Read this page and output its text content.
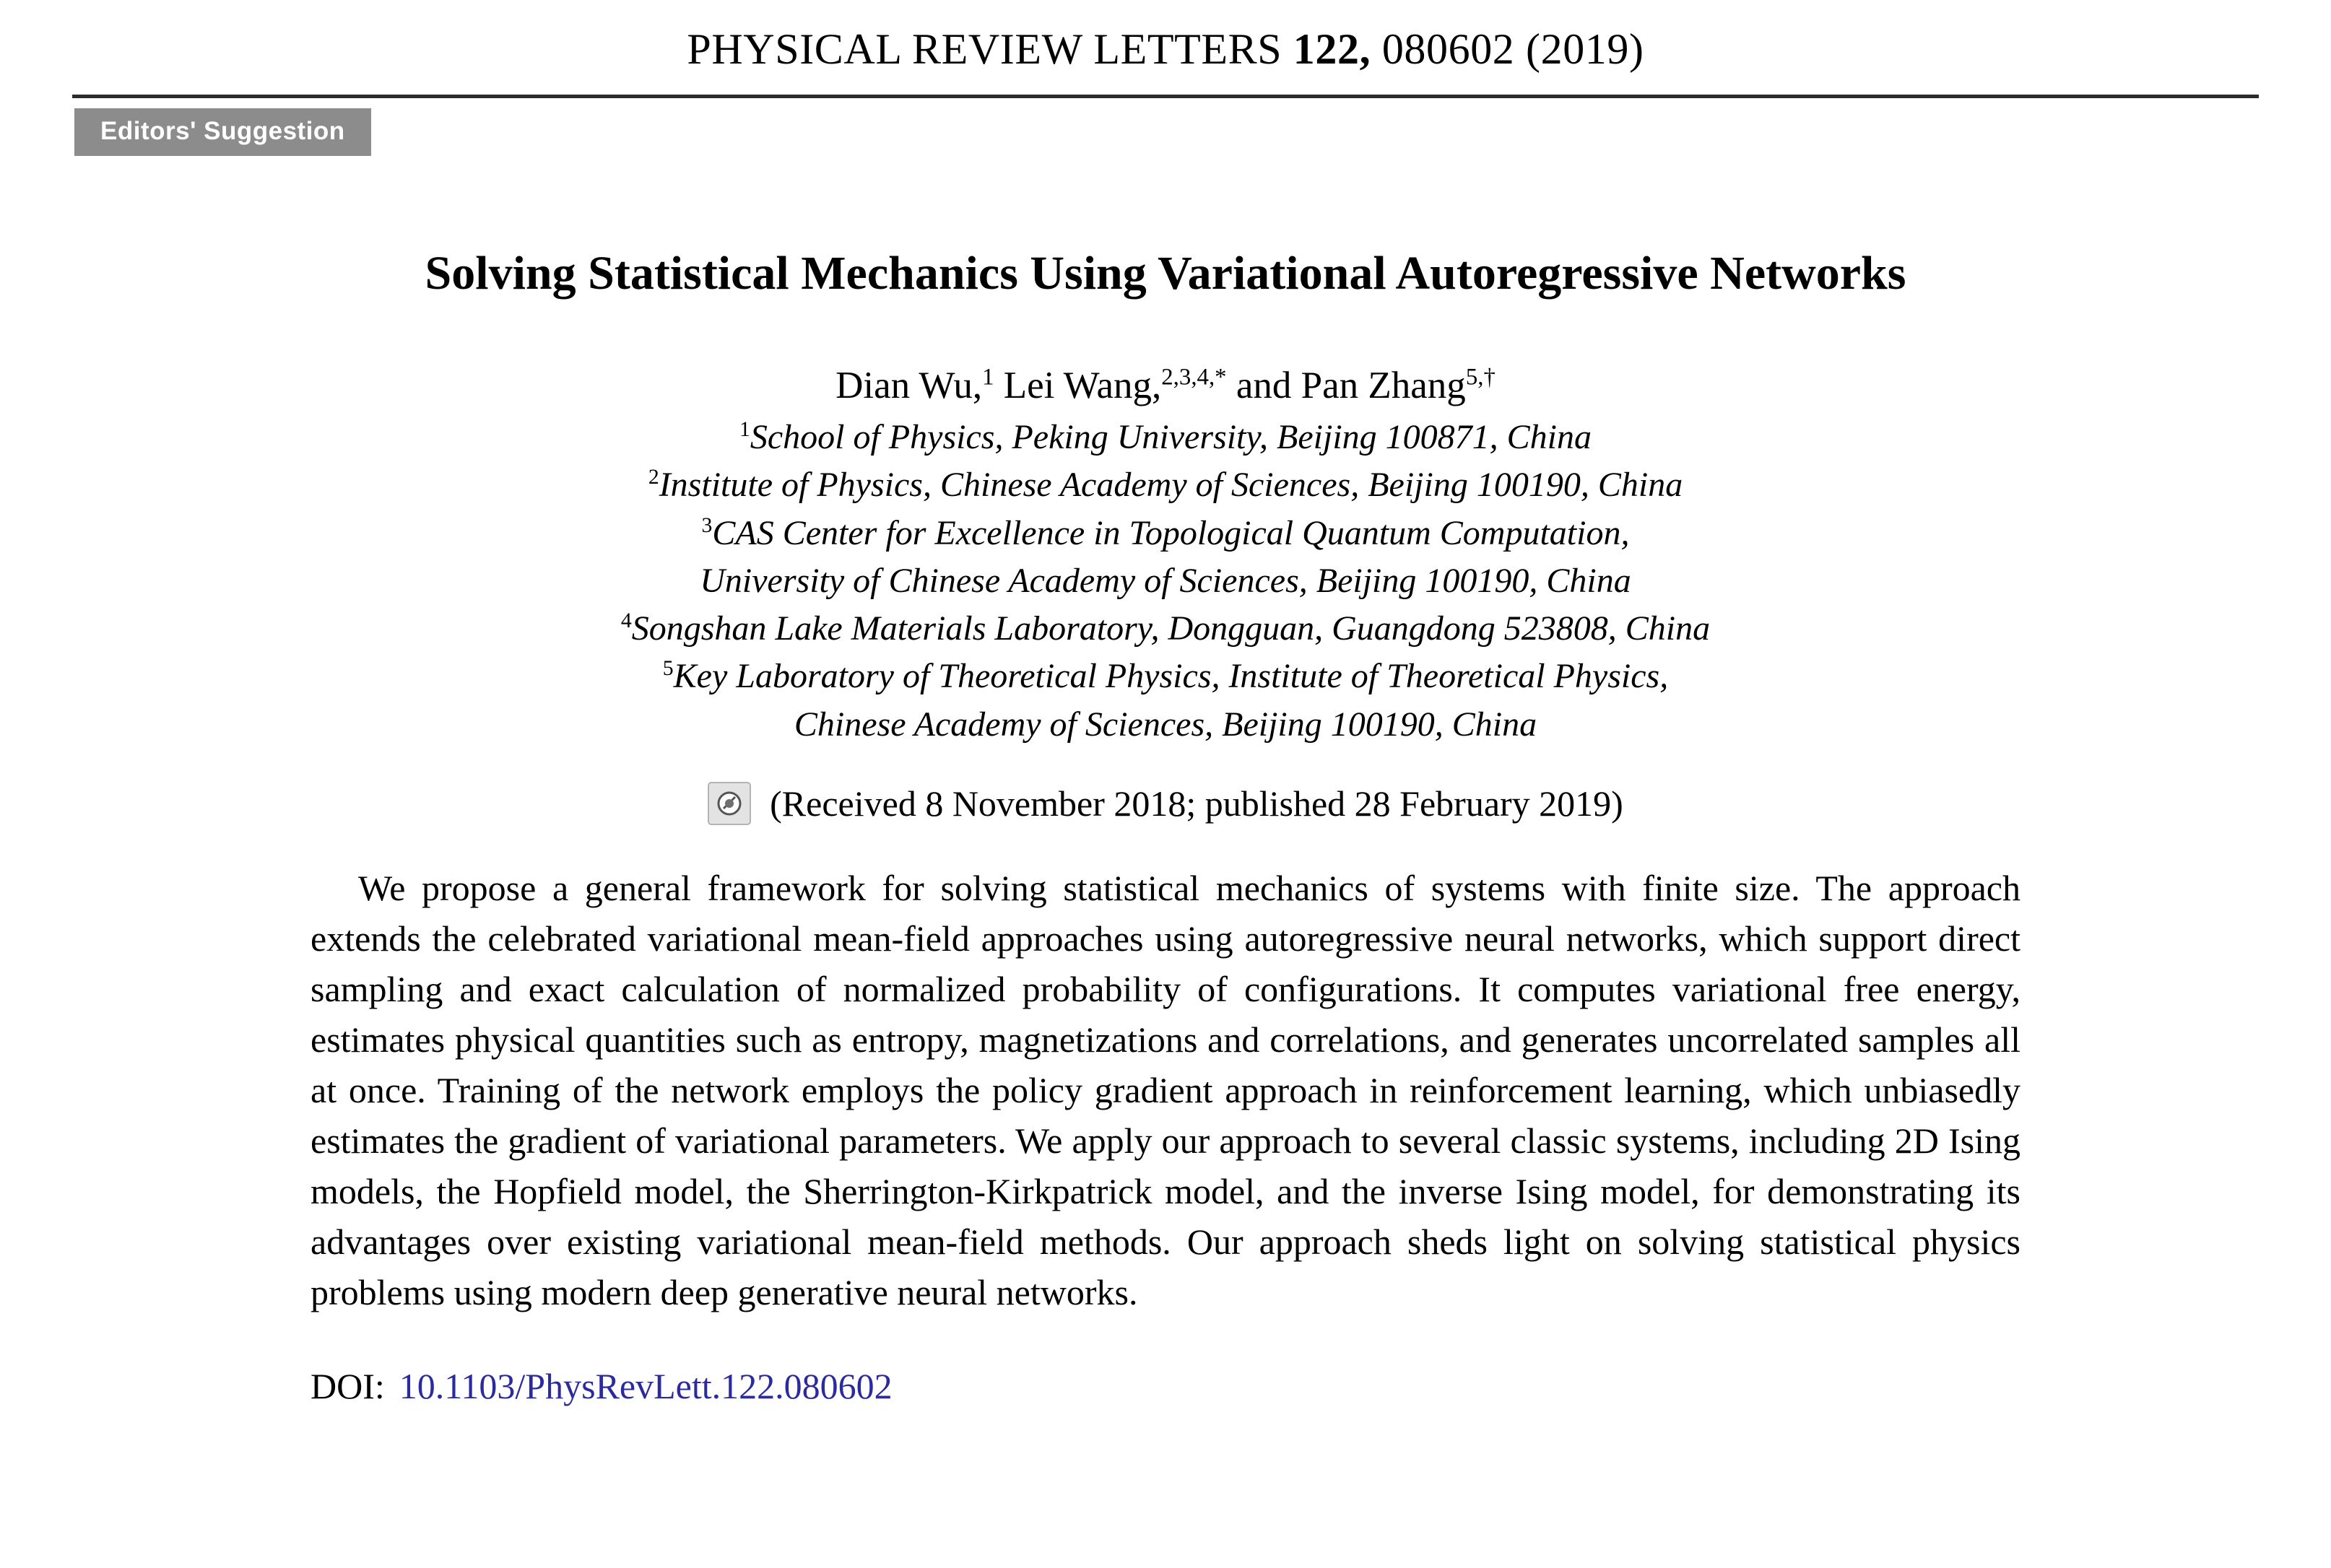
PHYSICAL REVIEW LETTERS 122, 080602 (2019)
Editors' Suggestion
Solving Statistical Mechanics Using Variational Autoregressive Networks
Dian Wu,$^1$ Lei Wang,$^{2,3,4,*}$ and Pan Zhang$^{5,\dagger}$
$^1$School of Physics, Peking University, Beijing 100871, China
$^2$Institute of Physics, Chinese Academy of Sciences, Beijing 100190, China
$^3$CAS Center for Excellence in Topological Quantum Computation,
University of Chinese Academy of Sciences, Beijing 100190, China
$^4$Songshan Lake Materials Laboratory, Dongguan, Guangdong 523808, China
$^5$Key Laboratory of Theoretical Physics, Institute of Theoretical Physics,
Chinese Academy of Sciences, Beijing 100190, China
(Received 8 November 2018; published 28 February 2019)

We propose a general framework for solving statistical mechanics of systems with finite size. The approach extends the celebrated variational mean-field approaches using autoregressive neural networks, which support direct sampling and exact calculation of normalized probability of configurations. It computes variational free energy, estimates physical quantities such as entropy, magnetizations and correlations, and generates uncorrelated samples all at once. Training of the network employs the policy gradient approach in reinforcement learning, which unbiasedly estimates the gradient of variational parameters. We apply our approach to several classic systems, including 2D Ising models, the Hopfield model, the Sherrington-Kirkpatrick model, and the inverse Ising model, for demonstrating its advantages over existing variational mean-field methods. Our approach sheds light on solving statistical physics problems using modern deep generative neural networks.

DOI: 10.1103/PhysRevLett.122.080602
